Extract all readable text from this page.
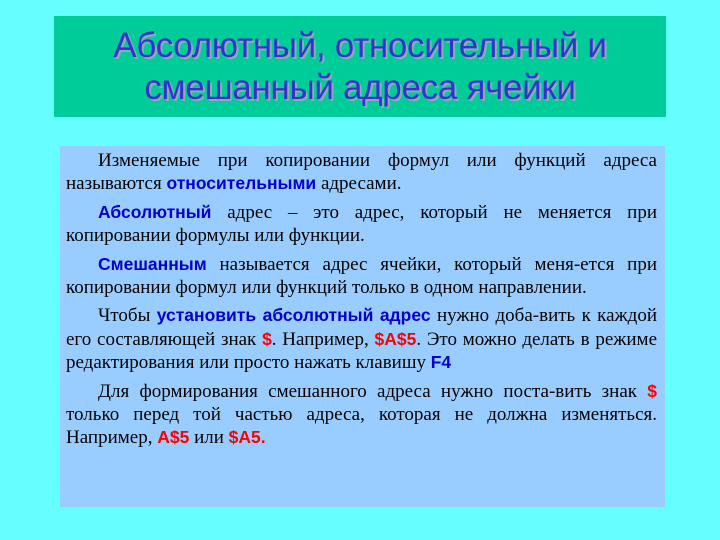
Абсолютный, относительный и
смешанный адреса ячейки

Изменяемые при копировании формул или функций адреса называются относительными адресами.

Абсолютный адрес – это адрес, который не меняется при копировании формулы или функции.

Смешанным называется адрес ячейки, который меня-ется при копировании формул или функций только в одном направлении.

Чтобы установить абсолютный адрес нужно доба-вить к каждой его составляющей знак $. Например, $A$5. Это можно делать в режиме редактирования или просто нажать клавишу F4

Для формирования смешанного адреса нужно поста-вить знак $ только перед той частью адреса, которая не должна изменяться. Например, A$5 или $A5.
